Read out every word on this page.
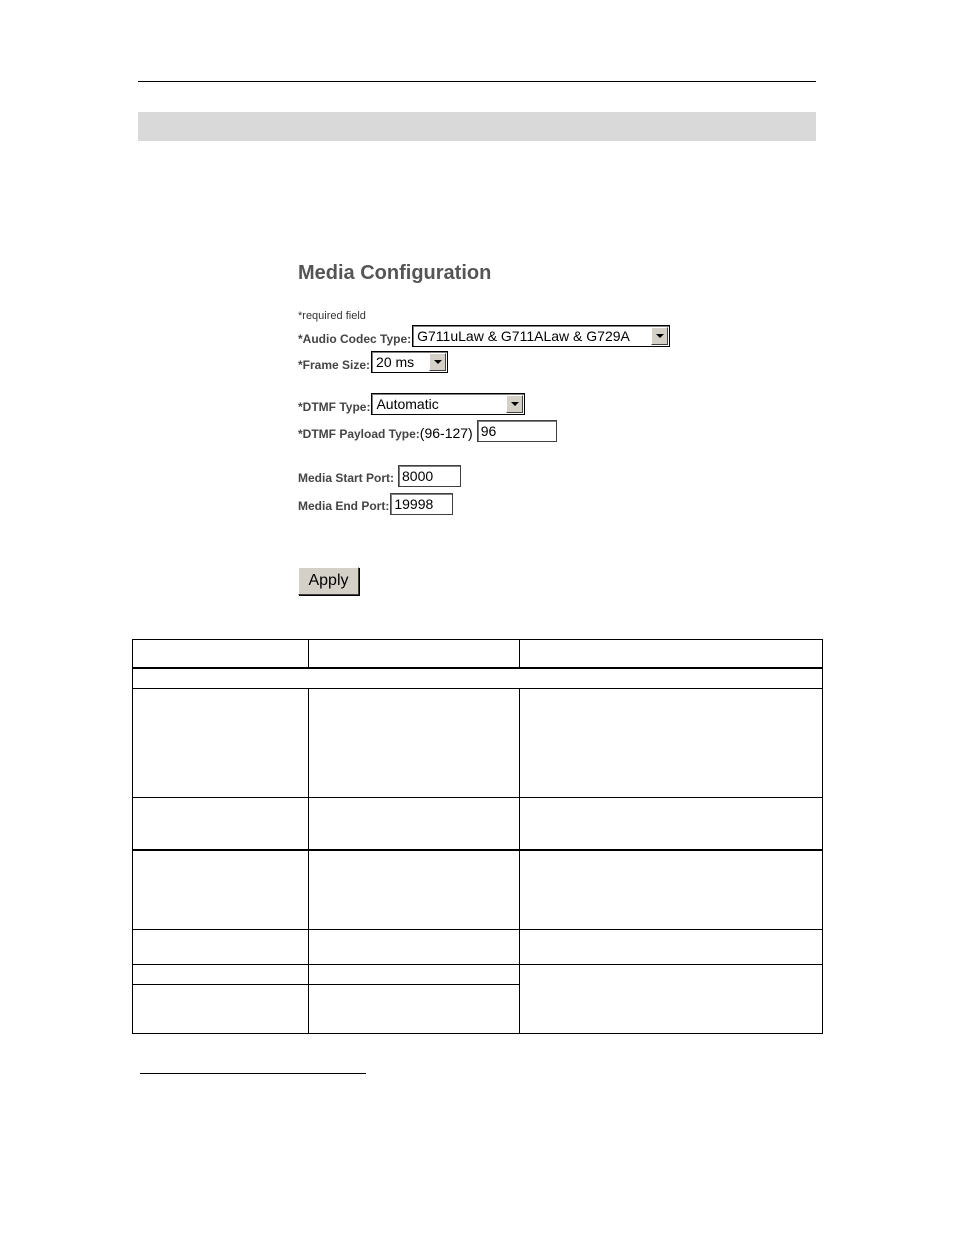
Media Configuration
*required field
*Audio Codec Type: G711uLaw & G711ALaw & G729A
*Frame Size: 20 ms
*DTMF Type: Automatic
*DTMF Payload Type:(96-127) 96
Media Start Port: 8000
Media End Port: 19998
Apply
